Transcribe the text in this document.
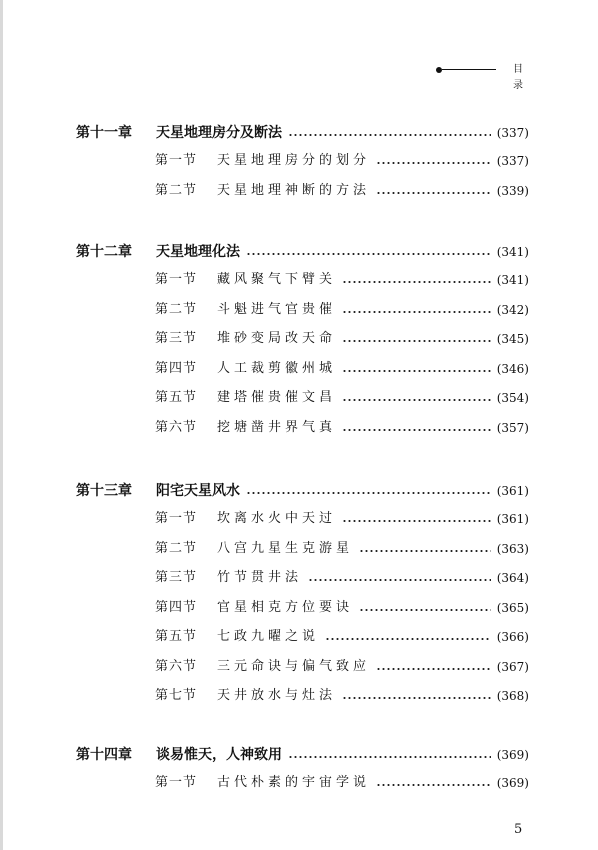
目 录
第十一章	天星地理房分及断法	(337)
第一节	天星地理房分的划分	(337)
第二节	天星地理神断的方法	(339)
第十二章	天星地理化法	(341)
第一节	藏风聚气下臂关	(341)
第二节	斗魁进气官贵催	(342)
第三节	堆砂变局改天命	(345)
第四节	人工裁剪徽州城	(346)
第五节	建塔催贵催文昌	(354)
第六节	挖塘凿井界气真	(357)
第十三章	阳宅天星风水	(361)
第一节	坎离水火中天过	(361)
第二节	八宫九星生克游星	(363)
第三节	竹节贯井法	(364)
第四节	官星相克方位要诀	(365)
第五节	七政九曜之说	(366)
第六节	三元命诀与偏气致应	(367)
第七节	天井放水与灶法	(368)
第十四章	谈易惟天，人神致用	(369)
第一节	古代朴素的宇宙学说	(369)
5
